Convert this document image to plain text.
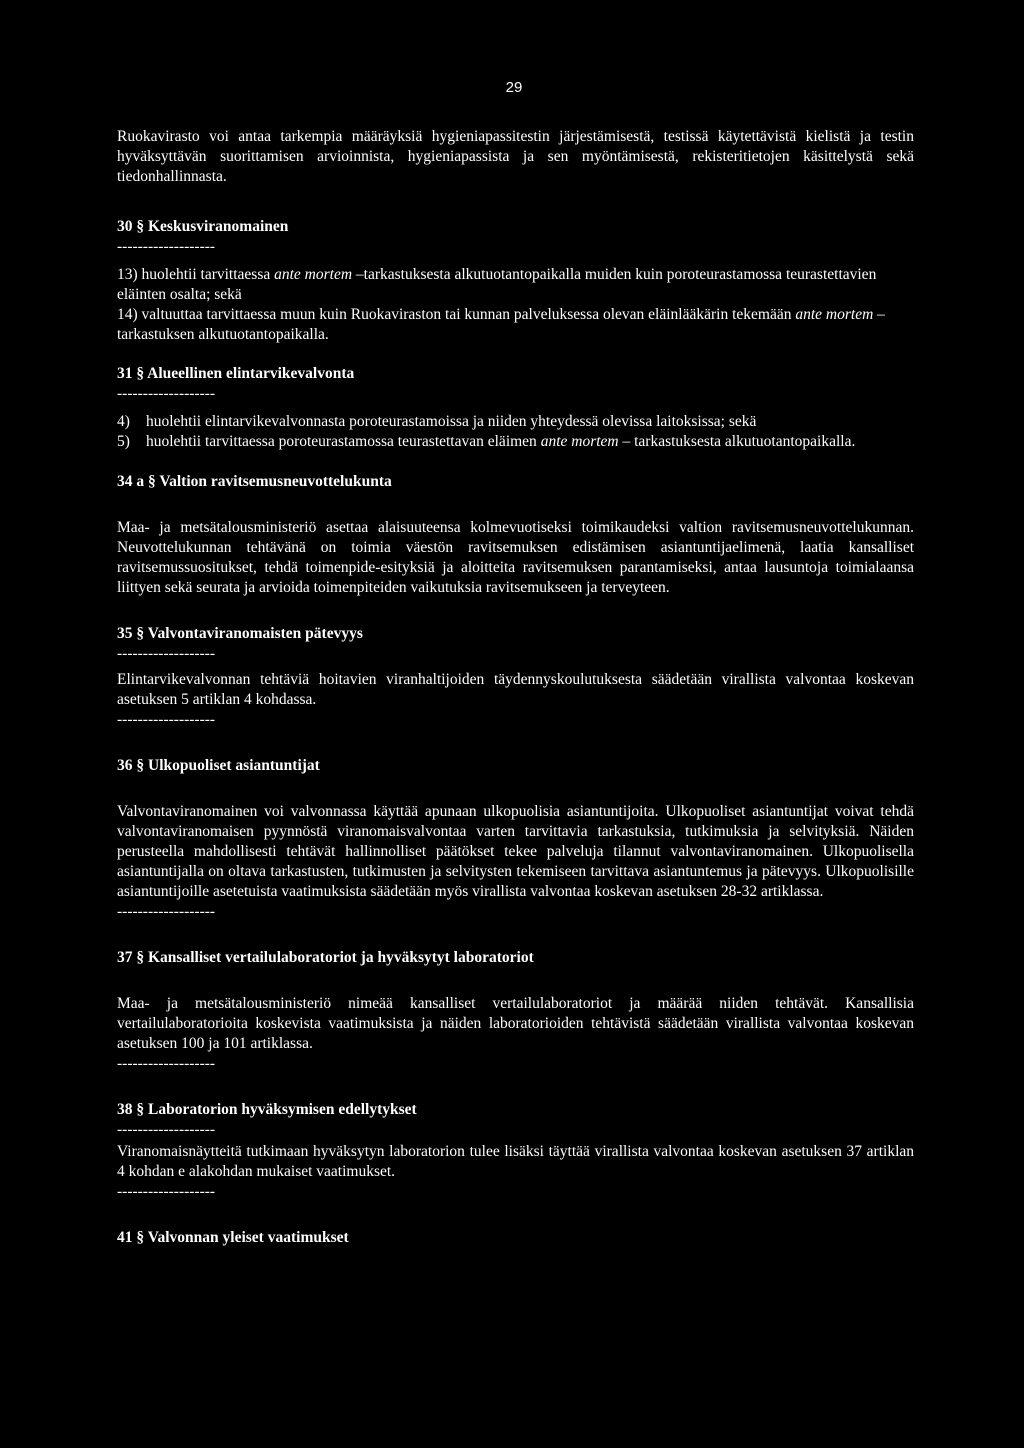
29

Ruokavirasto voi antaa tarkempia määräyksiä hygieniapassitestin järjestämisestä, testissä käytettävistä kielistä ja testin hyväksyttävän suorittamisen arvioinnista, hygieniapassista ja sen myöntämisestä, rekisteritietojen käsittelystä sekä tiedonhallinnasta.

30 § Keskusviranomainen

-------------------

13) huolehtii tarvittaessa ante mortem –tarkastuksesta alkutuotantopaikalla muiden kuin poroteurastamossa teurastettavien eläinten osalta; sekä

14) valtuuttaa tarvittaessa muun kuin Ruokaviraston tai kunnan palveluksessa olevan eläinlääkärin tekemään ante mortem –tarkastuksen alkutuotantopaikalla.

31 § Alueellinen elintarvikevalvonta

-------------------

4)	huolehtii elintarvikevalvonnasta poroteurastamoissa ja niiden yhteydessä olevissa laitoksissa; sekä
5)	huolehtii tarvittaessa poroteurastamossa teurastettavan eläimen ante mortem – tarkastuksesta alkutuotantopaikalla.

34 a § Valtion ravitsemusneuvottelukunta

Maa- ja metsätalousministeriö asettaa alaisuuteensa kolmevuotiseksi toimikaudeksi valtion ravitsemusneuvottelukunnan. Neuvottelukunnan tehtävänä on toimia väestön ravitsemuksen edistämisen asiantuntijaelimenä, laatia kansalliset ravitsemussuositukset, tehdä toimenpide-esityksiä ja aloitteita ravitsemuksen parantamiseksi, antaa lausuntoja toimialaansa liittyen sekä seurata ja arvioida toimenpiteiden vaikutuksia ravitsemukseen ja terveyteen.

35 § Valvontaviranomaisten pätevyys

-------------------

Elintarvikevalvonnan tehtäviä hoitavien viranhaltijoiden täydennyskoulutuksesta säädetään virallista valvontaa koskevan asetuksen 5 artiklan 4 kohdassa.

-------------------

36 § Ulkopuoliset asiantuntijat

Valvontaviranomainen voi valvonnassa käyttää apunaan ulkopuolisia asiantuntijoita. Ulkopuoliset asiantuntijat voivat tehdä valvontaviranomaisen pyynnöstä viranomaisvalvontaa varten tarvittavia tarkastuksia, tutkimuksia ja selvityksiä. Näiden perusteella mahdollisesti tehtävät hallinnolliset päätökset tekee palveluja tilannut valvontaviranomainen. Ulkopuolisella asiantuntijalla on oltava tarkastusten, tutkimusten ja selvitysten tekemiseen tarvittava asiantuntemus ja pätevyys. Ulkopuolisille asiantuntijoille asetetuista vaatimuksista säädetään myös virallista valvontaa koskevan asetuksen 28-32 artiklassa.

-------------------

37 § Kansalliset vertailulaboratoriot ja hyväksytyt laboratoriot

Maa- ja metsätalousministeriö nimeää kansalliset vertailulaboratoriot ja määrää niiden tehtävät. Kansallisia vertailulaboratorioita koskevista vaatimuksista ja näiden laboratorioiden tehtävistä säädetään virallista valvontaa koskevan asetuksen 100 ja 101 artiklassa.

-------------------

38 § Laboratorion hyväksymisen edellytykset

-------------------

Viranomaisnäytteitä tutkimaan hyväksytyn laboratorion tulee lisäksi täyttää virallista valvontaa koskevan asetuksen 37 artiklan 4 kohdan e alakohdan mukaiset vaatimukset.

-------------------

41 § Valvonnan yleiset vaatimukset
